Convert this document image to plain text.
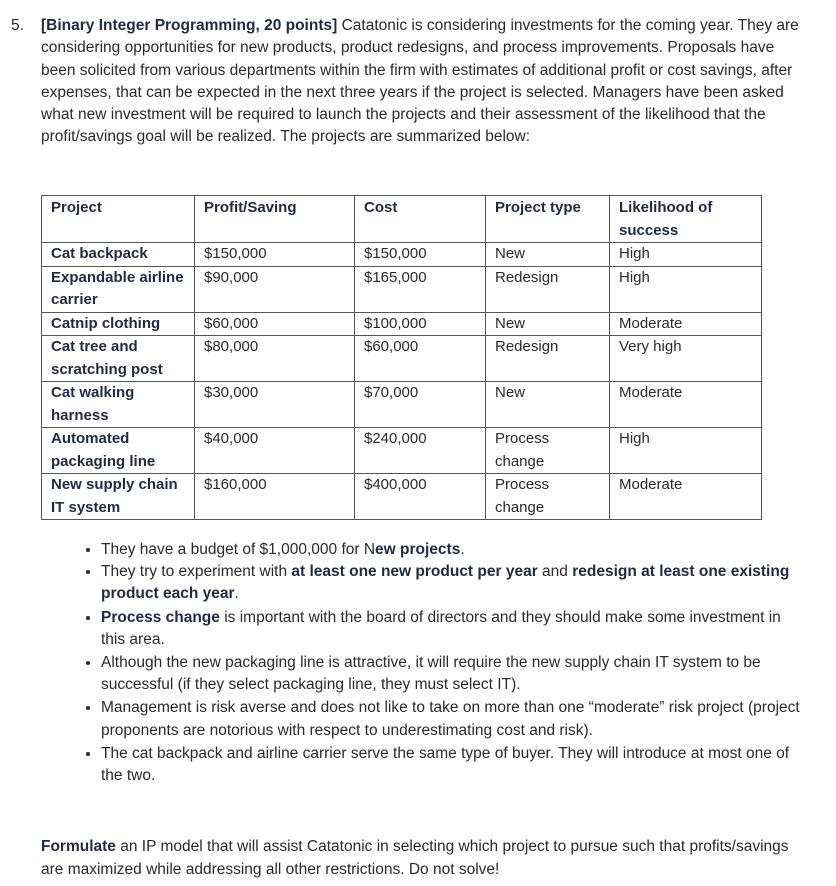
5. [Binary Integer Programming, 20 points] Catatonic is considering investments for the coming year. They are considering opportunities for new products, product redesigns, and process improvements. Proposals have been solicited from various departments within the firm with estimates of additional profit or cost savings, after expenses, that can be expected in the next three years if the project is selected. Managers have been asked what new investment will be required to launch the projects and their assessment of the likelihood that the profit/savings goal will be realized. The projects are summarized below:
Project	Profit/Saving	Cost	Project type	Likelihood of
success
Cat backpack	$150,000	$150,000	New	High
Expandable airline carrier	$90,000	$165,000	Redesign	High
Catnip clothing	$60,000	$100,000	New	Moderate
Cat tree and scratching post	$80,000	$60,000	Redesign	Very high
Cat walking harness	$30,000	$70,000	New	Moderate
Automated packaging line	$40,000	$240,000	Process change	High
New supply chain IT system	$160,000	$400,000	Process change	Moderate
• They have a budget of $1,000,000 for New projects.
• They try to experiment with at least one new product per year and redesign at least one existing product each year.
• Process change is important with the board of directors and they should make some investment in this area.
• Although the new packaging line is attractive, it will require the new supply chain IT system to be successful (if they select packaging line, they must select IT).
• Management is risk averse and does not like to take on more than one “moderate” risk project (project proponents are notorious with respect to underestimating cost and risk).
• The cat backpack and airline carrier serve the same type of buyer. They will introduce at most one of the two.
Formulate an IP model that will assist Catatonic in selecting which project to pursue such that profits/savings are maximized while addressing all other restrictions. Do not solve!
